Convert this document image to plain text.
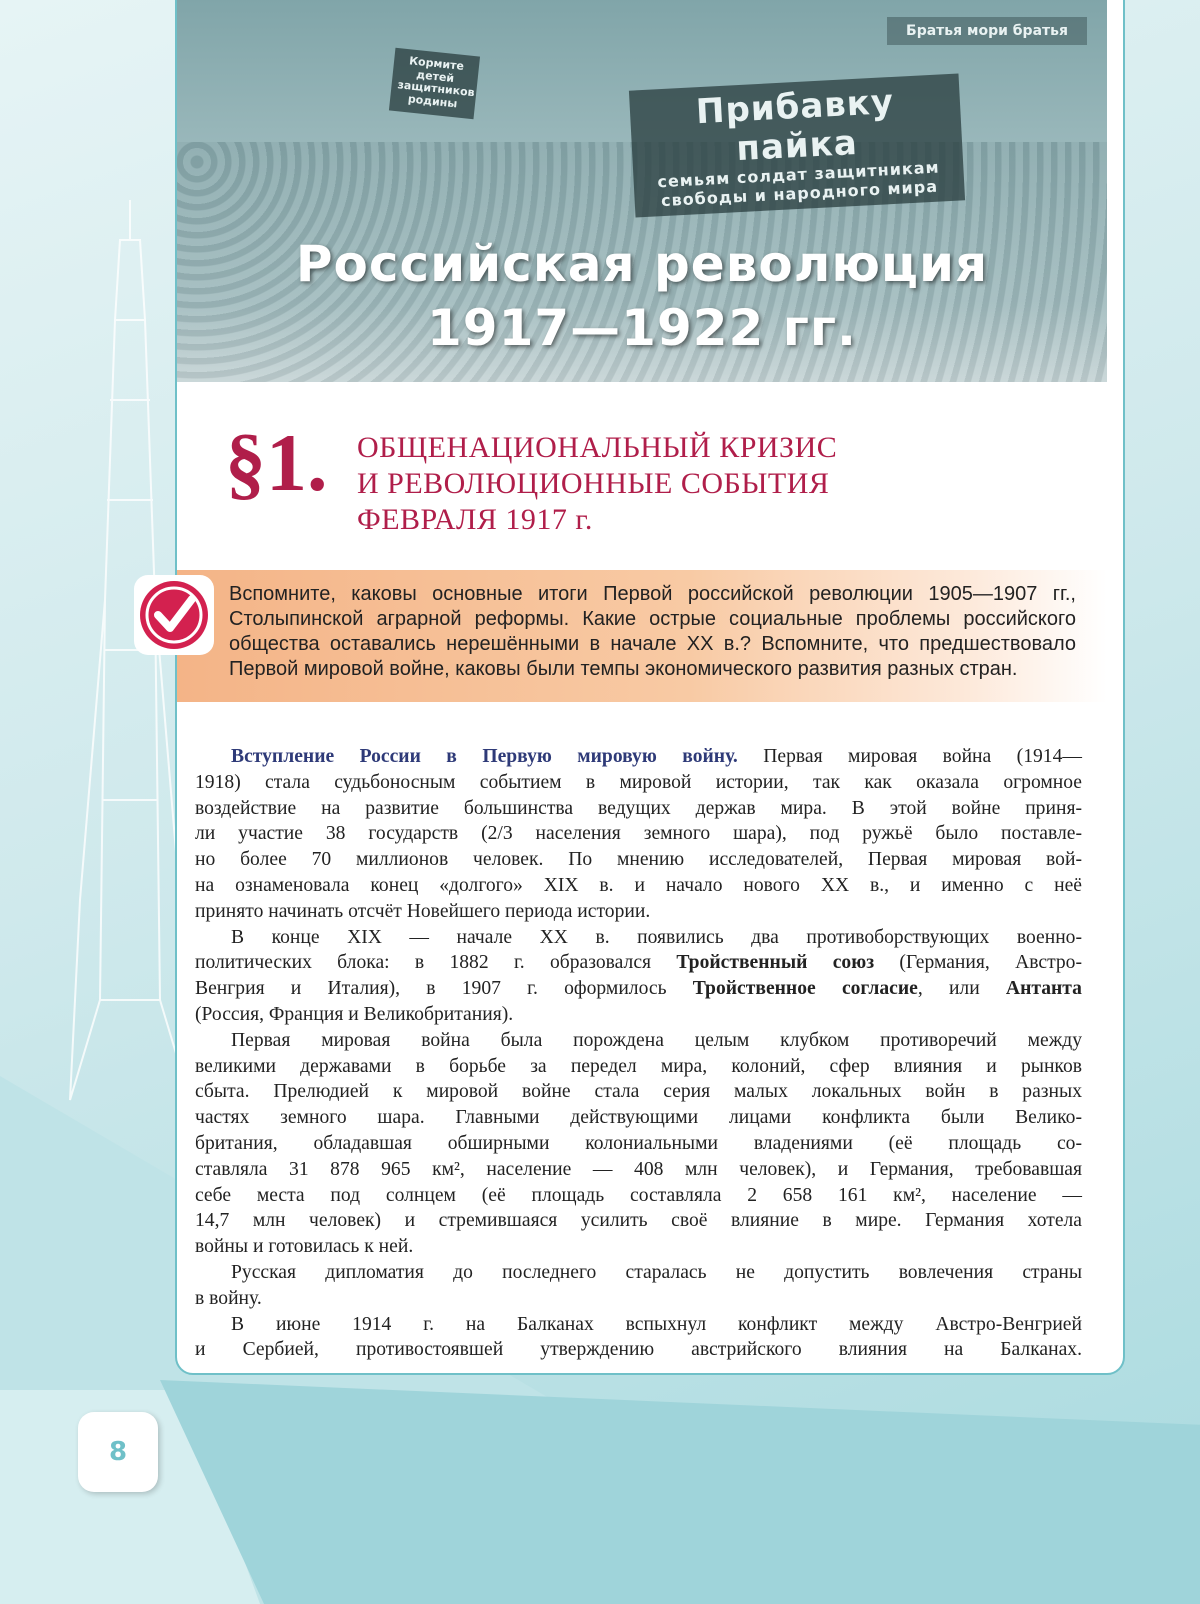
Кормите детей защитников родины	Прибавку пайка
семьям солдат защитникам свободы и народного мира
Братья мори братья
Российская революция
1917—1922 гг.
§1. ОБЩЕНАЦИОНАЛЬНЫЙ КРИЗИС
И РЕВОЛЮЦИОННЫЕ СОБЫТИЯ
ФЕВРАЛЯ 1917 г.
Вспомните, каковы основные итоги Первой российской революции 1905—1907 гг., Столыпинской аграрной реформы. Какие острые социальные проблемы российского общества оставались нерешёнными в начале XX в.? Вспомните, что предшествовало Первой мировой войне, каковы были темпы экономического развития разных стран.
Вступление России в Первую мировую войну. Первая мировая война (1914—
1918) стала судьбоносным событием в мировой истории, так как оказала огромное
воздействие на развитие большинства ведущих держав мира. В этой войне приня-
ли участие 38 государств (2/3 населения земного шара), под ружьё было поставле-
но более 70 миллионов человек. По мнению исследователей, Первая мировая вой-
на ознаменовала конец «долгого» XIX в. и начало нового XX в., и именно с неё
принято начинать отсчёт Новейшего периода истории.
В конце XIX — начале XX в. появились два противоборствующих военно-
политических блока: в 1882 г. образовался Тройственный союз (Германия, Австро-
Венгрия и Италия), в 1907 г. оформилось Тройственное согласие, или Антанта
(Россия, Франция и Великобритания).
Первая мировая война была порождена целым клубком противоречий между
великими державами в борьбе за передел мира, колоний, сфер влияния и рынков
сбыта. Прелюдией к мировой войне стала серия малых локальных войн в разных
частях земного шара. Главными действующими лицами конфликта были Велико-
британия, обладавшая обширными колониальными владениями (её площадь со-
ставляла 31 878 965 км², население — 408 млн человек), и Германия, требовавшая
себе места под солнцем (её площадь составляла 2 658 161 км², население —
14,7 млн человек) и стремившаяся усилить своё влияние в мире. Германия хотела
войны и готовилась к ней.
Русская дипломатия до последнего старалась не допустить вовлечения страны
в войну.
В июне 1914 г. на Балканах вспыхнул конфликт между Австро-Венгрией
и Сербией, противостоявшей утверждению австрийского влияния на Балканах.
8
